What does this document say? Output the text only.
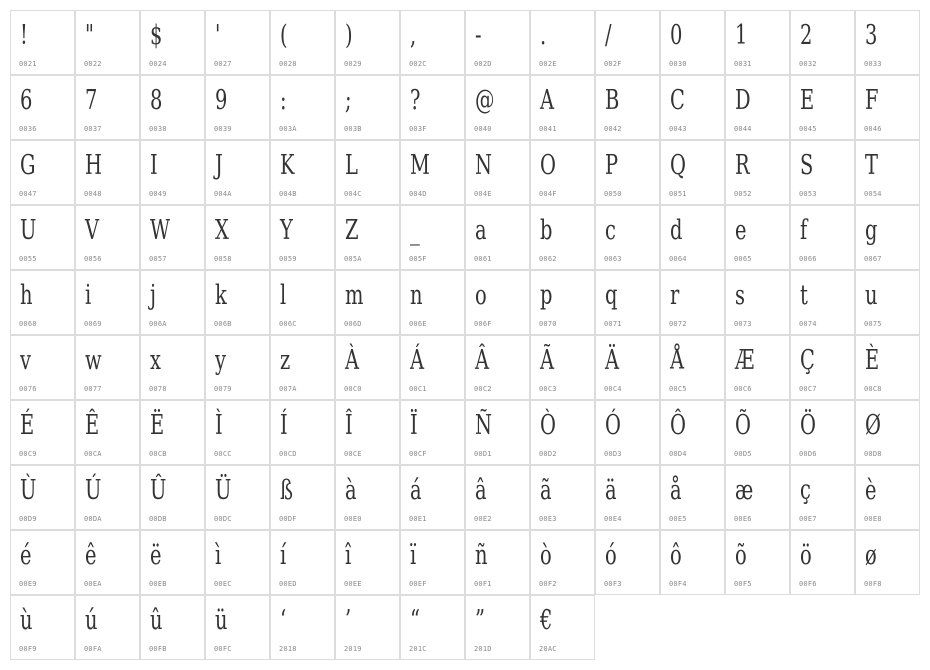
!
0021
"
0022
$
0024
'
0027
(
0028
)
0029
,
002C
-
002D
.
002E
/
002F
0
0030
1
0031
2
0032
3
0033
6
0036
7
0037
8
0038
9
0039
:
003A
;
003B
?
003F
@
0040
A
0041
B
0042
C
0043
D
0044
E
0045
F
0046
G
0047
H
0048
I
0049
J
004A
K
004B
L
004C
M
004D
N
004E
O
004F
P
0050
Q
0051
R
0052
S
0053
T
0054
U
0055
V
0056
W
0057
X
0058
Y
0059
Z
005A
_
005F
a
0061
b
0062
c
0063
d
0064
e
0065
f
0066
g
0067
h
0068
i
0069
j
006A
k
006B
l
006C
m
006D
n
006E
o
006F
p
0070
q
0071
r
0072
s
0073
t
0074
u
0075
v
0076
w
0077
x
0078
y
0079
z
007A
À
00C0
Á
00C1
Â
00C2
Ã
00C3
Ä
00C4
Å
00C5
Æ
00C6
Ç
00C7
È
00C8
É
00C9
Ê
00CA
Ë
00CB
Ì
00CC
Í
00CD
Î
00CE
Ï
00CF
Ñ
00D1
Ò
00D2
Ó
00D3
Ô
00D4
Õ
00D5
Ö
00D6
Ø
00D8
Ù
00D9
Ú
00DA
Û
00DB
Ü
00DC
ß
00DF
à
00E0
á
00E1
â
00E2
ã
00E3
ä
00E4
å
00E5
æ
00E6
ç
00E7
è
00E8
é
00E9
ê
00EA
ë
00EB
ì
00EC
í
00ED
î
00EE
ï
00EF
ñ
00F1
ò
00F2
ó
00F3
ô
00F4
õ
00F5
ö
00F6
ø
00F8
ù
00F9
ú
00FA
û
00FB
ü
00FC
‘
2018
’
2019
“
201C
”
201D
€
20AC
